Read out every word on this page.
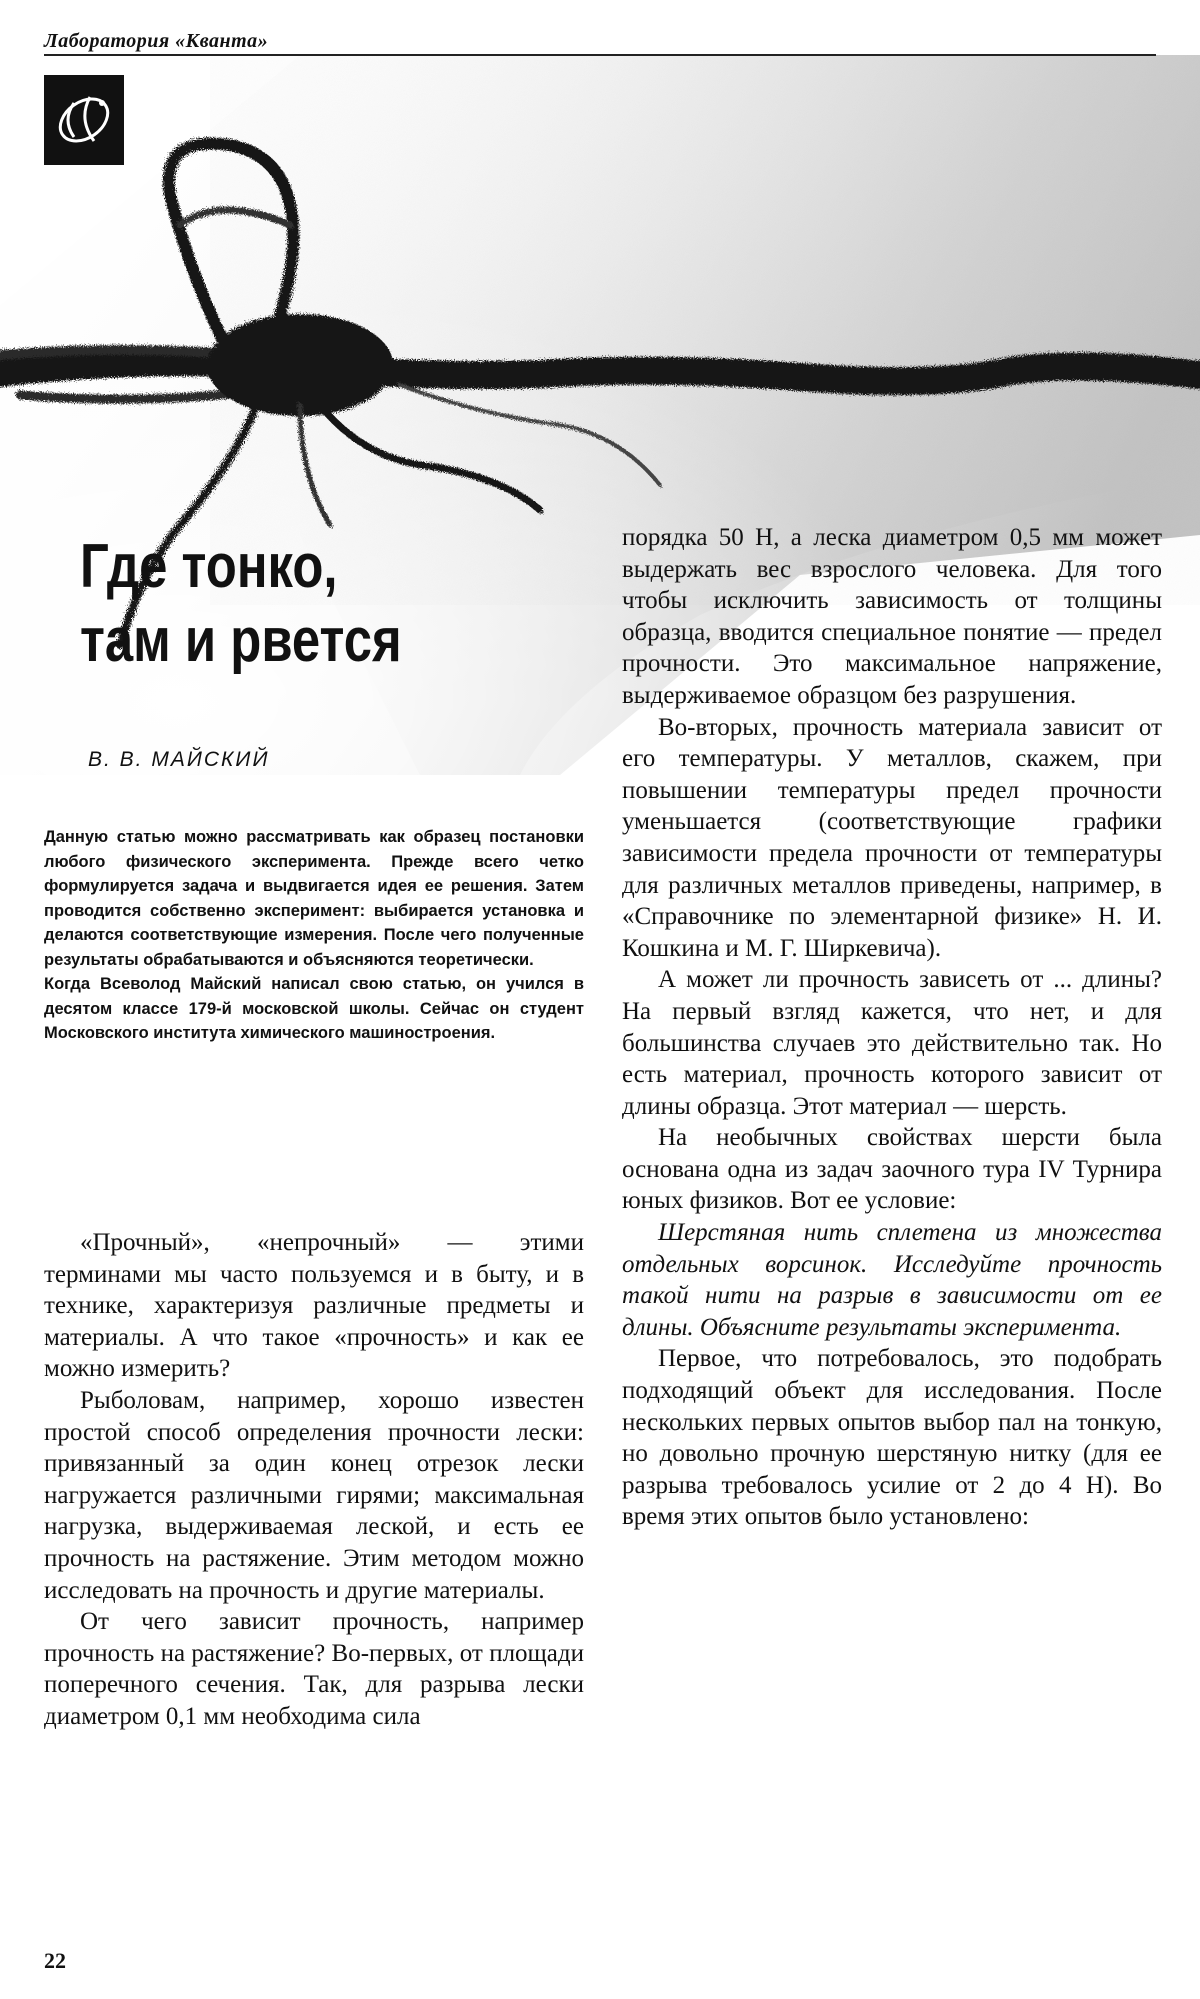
Лаборатория «Кванта»
Где тонко,
там и рвется
В. В. МАЙСКИЙ

Данную статью можно рассматривать как образец постановки любого физического эксперимента. Прежде всего четко формулируется задача и выдвигается идея ее решения. Затем проводится собственно эксперимент: выбирается установка и делаются соответствующие измерения. После чего полученные результаты обрабатываются и объясняются теоретически.

Когда Всеволод Майский написал свою статью, он учился в десятом классе 179-й московской школы. Сейчас он студент Московского института химического машиностроения.

«Прочный», «непрочный» — этими терминами мы часто пользуемся и в быту, и в технике, характеризуя различные предметы и материалы. А что такое «прочность» и как ее можно измерить?

Рыболовам, например, хорошо известен простой способ определения прочности лески: привязанный за один конец отрезок лески нагружается различными гирями; максимальная нагрузка, выдерживаемая леской, и есть ее прочность на растяжение. Этим методом можно исследовать на прочность и другие материалы.

От чего зависит прочность, например прочность на растяжение? Во-первых, от площади поперечного сечения. Так, для разрыва лески диаметром 0,1 мм необходима сила

порядка 50 Н, а леска диаметром 0,5 мм может выдержать вес взрослого человека. Для того чтобы исключить зависимость от толщины образца, вводится специальное понятие — предел прочности. Это максимальное напряжение, выдерживаемое образцом без разрушения.

Во-вторых, прочность материала зависит от его температуры. У металлов, скажем, при повышении температуры предел прочности уменьшается (соответствующие графики зависимости предела прочности от температуры для различных металлов приведены, например, в «Справочнике по элементарной физике» Н. И. Кошкина и М. Г. Ширкевича).

А может ли прочность зависеть от ... длины? На первый взгляд кажется, что нет, и для большинства случаев это действительно так. Но есть материал, прочность которого зависит от длины образца. Этот материал — шерсть.

На необычных свойствах шерсти была основана одна из задач заочного тура IV Турнира юных физиков. Вот ее условие:

Шерстяная нить сплетена из множества отдельных ворсинок. Исследуйте прочность такой нити на разрыв в зависимости от ее длины. Объясните результаты эксперимента.

Первое, что потребовалось, это подобрать подходящий объект для исследования. После нескольких первых опытов выбор пал на тонкую, но довольно прочную шерстяную нитку (для ее разрыва требовалось усилие от 2 до 4 Н). Во время этих опытов было установлено:

22
